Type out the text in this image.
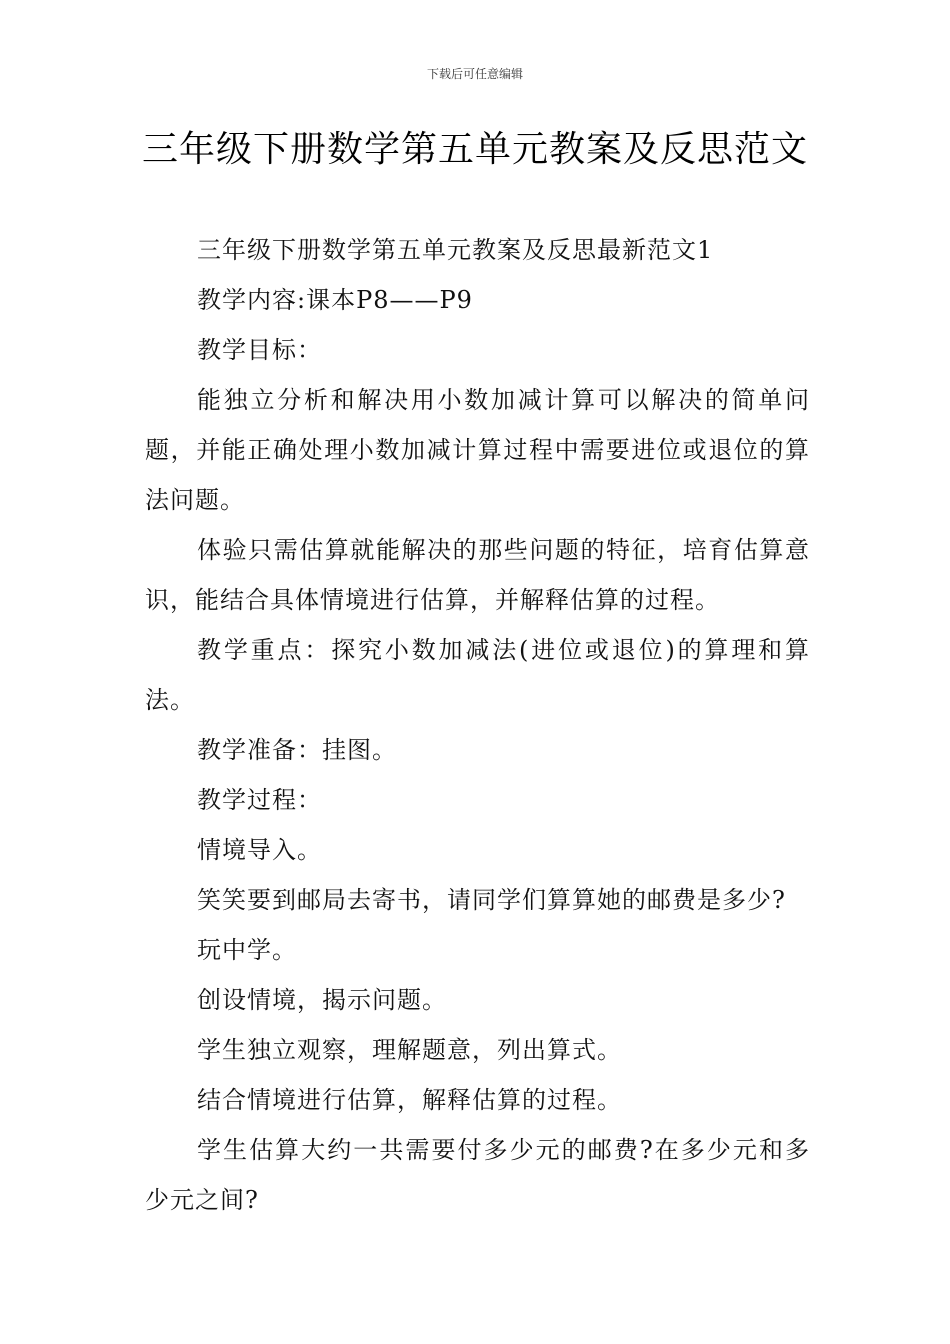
下载后可任意编辑
三年级下册数学第五单元教案及反思范文

三年级下册数学第五单元教案及反思最新范文1

教学内容:课本P8——P9

教学目标：

能独立分析和解决用小数加减计算可以解决的简单问题，并能正确处理小数加减计算过程中需要进位或退位的算法问题。

体验只需估算就能解决的那些问题的特征，培育估算意识，能结合具体情境进行估算，并解释估算的过程。

教学重点：探究小数加减法(进位或退位)的算理和算法。

教学准备：挂图。

教学过程：

情境导入。

笑笑要到邮局去寄书，请同学们算算她的邮费是多少?

玩中学。

创设情境，揭示问题。

学生独立观察，理解题意，列出算式。

结合情境进行估算，解释估算的过程。

学生估算大约一共需要付多少元的邮费?在多少元和多少元之间?
